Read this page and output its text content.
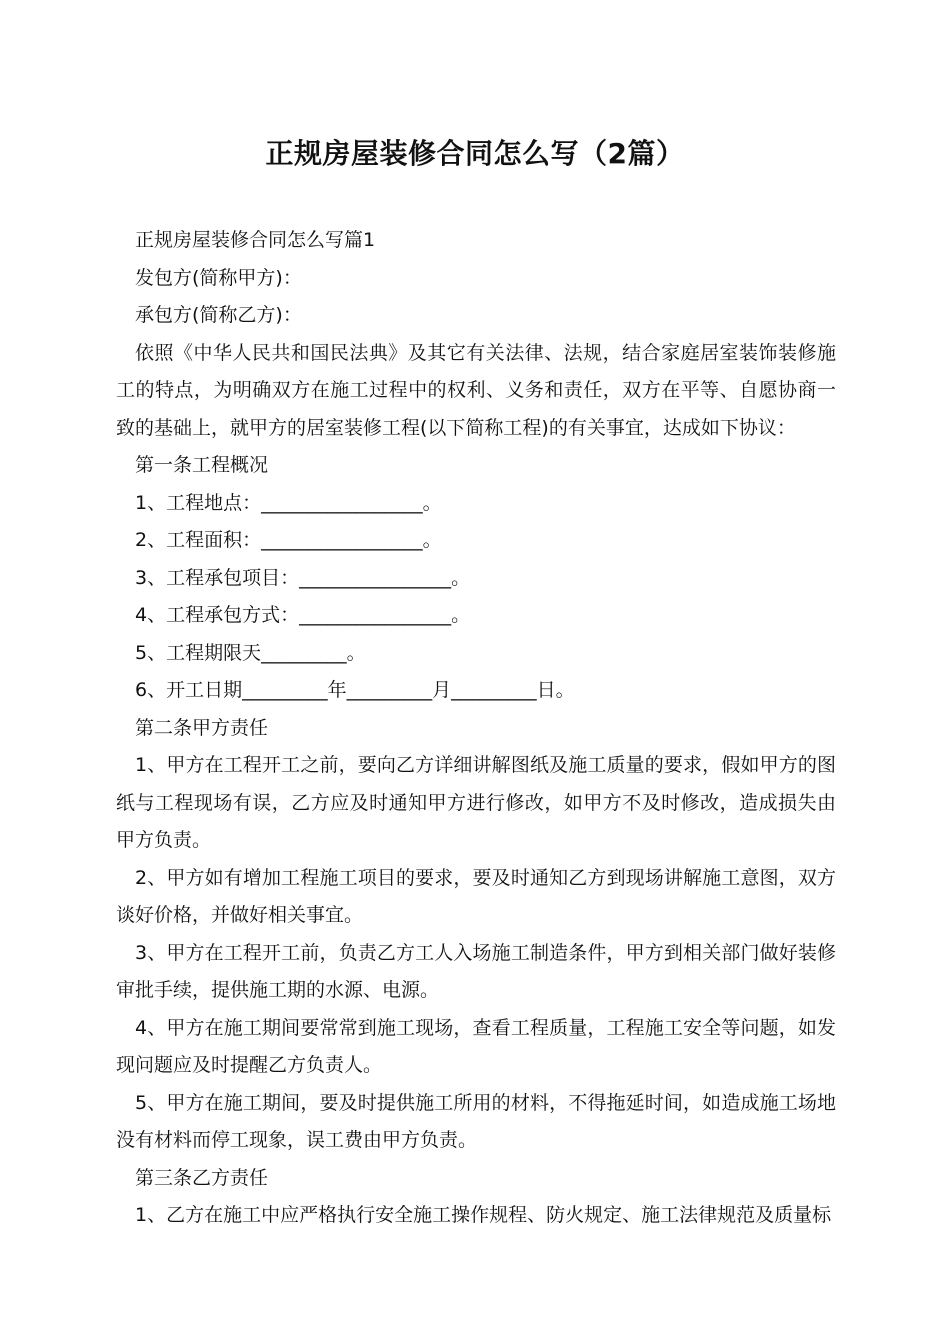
正规房屋装修合同怎么写（2篇）

正规房屋装修合同怎么写篇1

发包方(简称甲方)：

承包方(简称乙方)：

依照《中华人民共和国民法典》及其它有关法律、法规，结合家庭居室装饰装修施工的特点，为明确双方在施工过程中的权利、义务和责任，双方在平等、自愿协商一致的基础上，就甲方的居室装修工程(以下简称工程)的有关事宜，达成如下协议：

第一条工程概况

1、工程地点：_________________。

2、工程面积：_________________。

3、工程承包项目：________________。

4、工程承包方式：________________。

5、工程期限天_________。

6、开工日期_________年_________月_________日。

第二条甲方责任

1、甲方在工程开工之前，要向乙方详细讲解图纸及施工质量的要求，假如甲方的图纸与工程现场有误，乙方应及时通知甲方进行修改，如甲方不及时修改，造成损失由甲方负责。

2、甲方如有增加工程施工项目的要求，要及时通知乙方到现场讲解施工意图，双方谈好价格，并做好相关事宜。

3、甲方在工程开工前，负责乙方工人入场施工制造条件，甲方到相关部门做好装修审批手续，提供施工期的水源、电源。

4、甲方在施工期间要常常到施工现场，查看工程质量，工程施工安全等问题，如发现问题应及时提醒乙方负责人。

5、甲方在施工期间，要及时提供施工所用的材料，不得拖延时间，如造成施工场地没有材料而停工现象，误工费由甲方负责。

第三条乙方责任

1、乙方在施工中应严格执行安全施工操作规程、防火规定、施工法律规范及质量标
